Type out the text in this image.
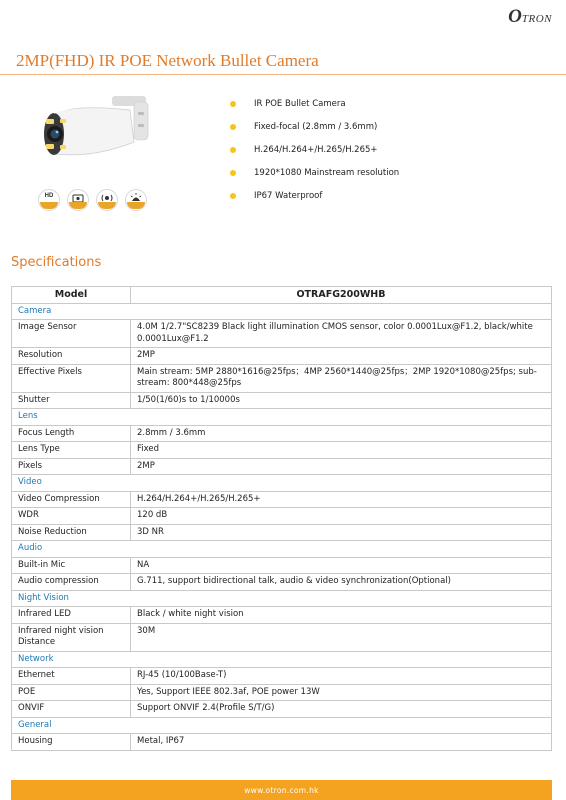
OTRON
2MP(FHD) IR POE Network Bullet Camera
HD
IR POE Bullet Camera
Fixed-focal (2.8mm / 3.6mm)
H.264/H.264+/H.265/H.265+
1920*1080 Mainstream resolution
IP67 Waterproof
Specifications
Model	OTRAFG200WHB
Camera	
Image Sensor	4.0M 1/2.7"SC8239 Black light illumination CMOS sensor, color 0.0001Lux@F1.2, black/white 0.0001Lux@F1.2
Resolution	2MP
Effective Pixels	Main stream: 5MP 2880*1616@25fps；4MP 2560*1440@25fps；2MP 1920*1080@25fps; sub-stream: 800*448@25fps
Shutter	1/50(1/60)s to 1/10000s
Lens	
Focus Length	2.8mm / 3.6mm
Lens Type	Fixed
Pixels	2MP
Video	
Video Compression	H.264/H.264+/H.265/H.265+
WDR	120 dB
Noise Reduction	3D NR
Audio	
Built-in Mic	NA
Audio compression	G.711, support bidirectional talk, audio & video synchronization(Optional)
Night Vision	
Infrared LED	Black / white night vision
Infrared night vision Distance	30M
Network	
Ethernet	RJ-45 (10/100Base-T)
POE	Yes, Support IEEE 802.3af, POE power 13W
ONVIF	Support ONVIF 2.4(Profile S/T/G)
General	
Housing	Metal, IP67
www.otron.com.hk
